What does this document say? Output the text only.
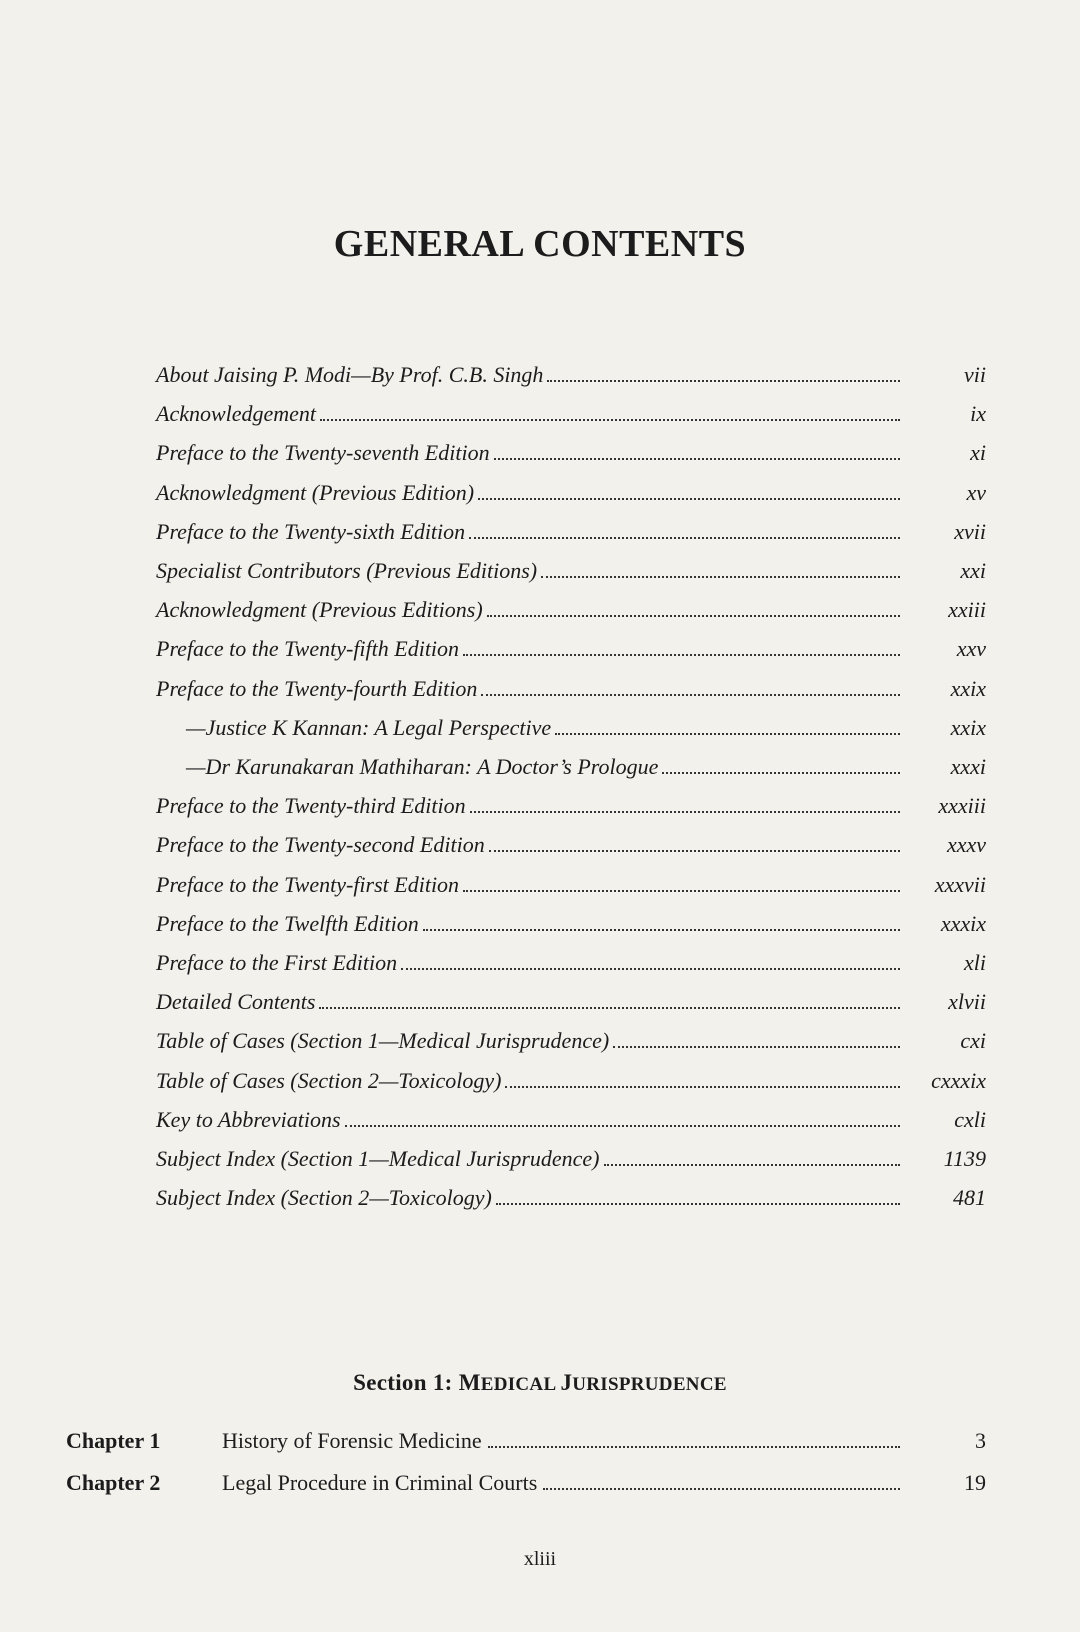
GENERAL CONTENTS
About Jaising P. Modi—By Prof. C.B. Singh	vii
Acknowledgement	ix
Preface to the Twenty-seventh Edition	xi
Acknowledgment (Previous Edition)	xv
Preface to the Twenty-sixth Edition	xvii
Specialist Contributors (Previous Editions)	xxi
Acknowledgment (Previous Editions)	xxiii
Preface to the Twenty-fifth Edition	xxv
Preface to the Twenty-fourth Edition	xxix
—Justice K Kannan: A Legal Perspective	xxix
—Dr Karunakaran Mathiharan: A Doctor’s Prologue	xxxi
Preface to the Twenty-third Edition	xxxiii
Preface to the Twenty-second Edition	xxxv
Preface to the Twenty-first Edition	xxxvii
Preface to the Twelfth Edition	xxxix
Preface to the First Edition	xli
Detailed Contents	xlvii
Table of Cases (Section 1—Medical Jurisprudence)	cxi
Table of Cases (Section 2—Toxicology)	cxxxix
Key to Abbreviations	cxli
Subject Index (Section 1—Medical Jurisprudence)	1139
Subject Index (Section 2—Toxicology)	481
Section 1: MEDICAL JURISPRUDENCE
Chapter 1	History of Forensic Medicine	3
Chapter 2	Legal Procedure in Criminal Courts	19
xliii
